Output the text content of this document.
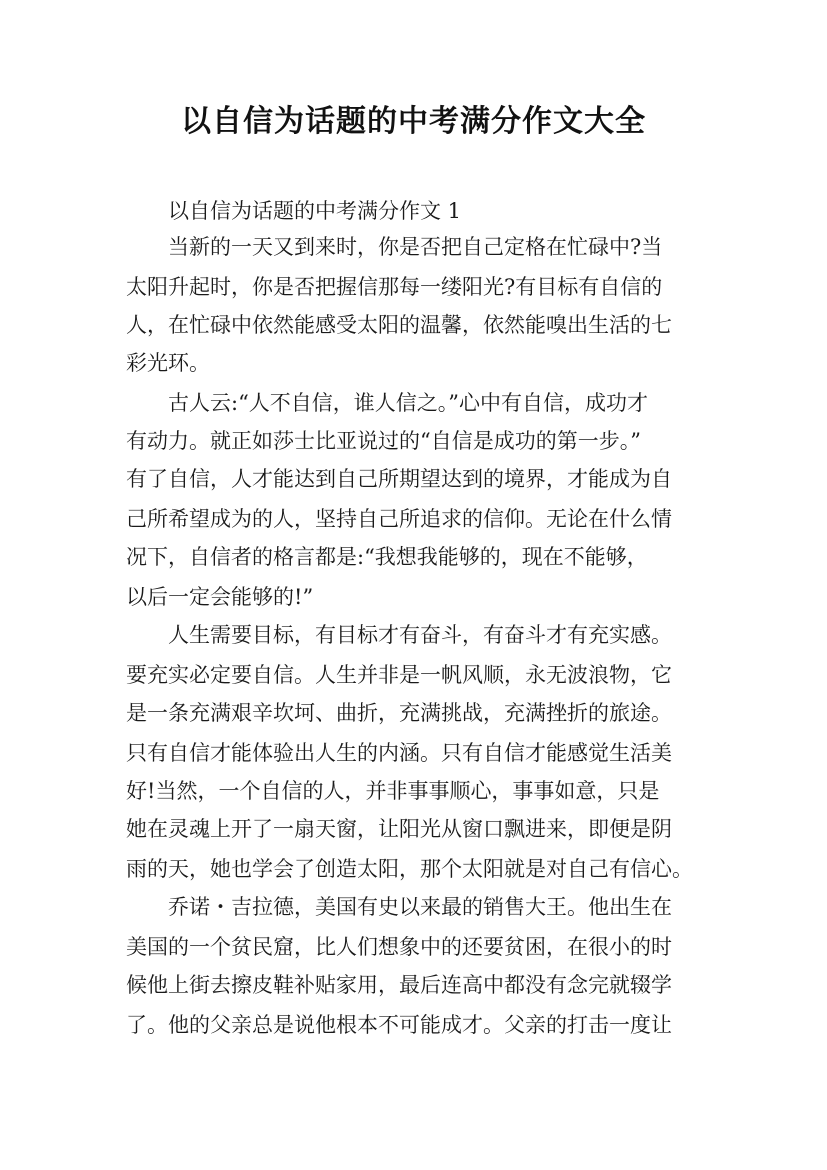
以自信为话题的中考满分作文大全
以自信为话题的中考满分作文 1
当新的一天又到来时，你是否把自己定格在忙碌中?当
太阳升起时，你是否把握信那每一缕阳光?有目标有自信的
人，在忙碌中依然能感受太阳的温馨，依然能嗅出生活的七
彩光环。
古人云:“人不自信，谁人信之。”心中有自信，成功才
有动力。就正如莎士比亚说过的“自信是成功的第一步。”
有了自信，人才能达到自己所期望达到的境界，才能成为自
己所希望成为的人，坚持自己所追求的信仰。无论在什么情
况下，自信者的格言都是:“我想我能够的，现在不能够，
以后一定会能够的!”
人生需要目标，有目标才有奋斗，有奋斗才有充实感。
要充实必定要自信。人生并非是一帆风顺，永无波浪物，它
是一条充满艰辛坎坷、曲折，充满挑战，充满挫折的旅途。
只有自信才能体验出人生的内涵。只有自信才能感觉生活美
好!当然，一个自信的人，并非事事顺心，事事如意，只是
她在灵魂上开了一扇天窗，让阳光从窗口飘进来，即便是阴
雨的天，她也学会了创造太阳，那个太阳就是对自己有信心。
乔诺・吉拉德，美国有史以来最的销售大王。他出生在
美国的一个贫民窟，比人们想象中的还要贫困，在很小的时
候他上街去擦皮鞋补贴家用，最后连高中都没有念完就辍学
了。他的父亲总是说他根本不可能成才。父亲的打击一度让
